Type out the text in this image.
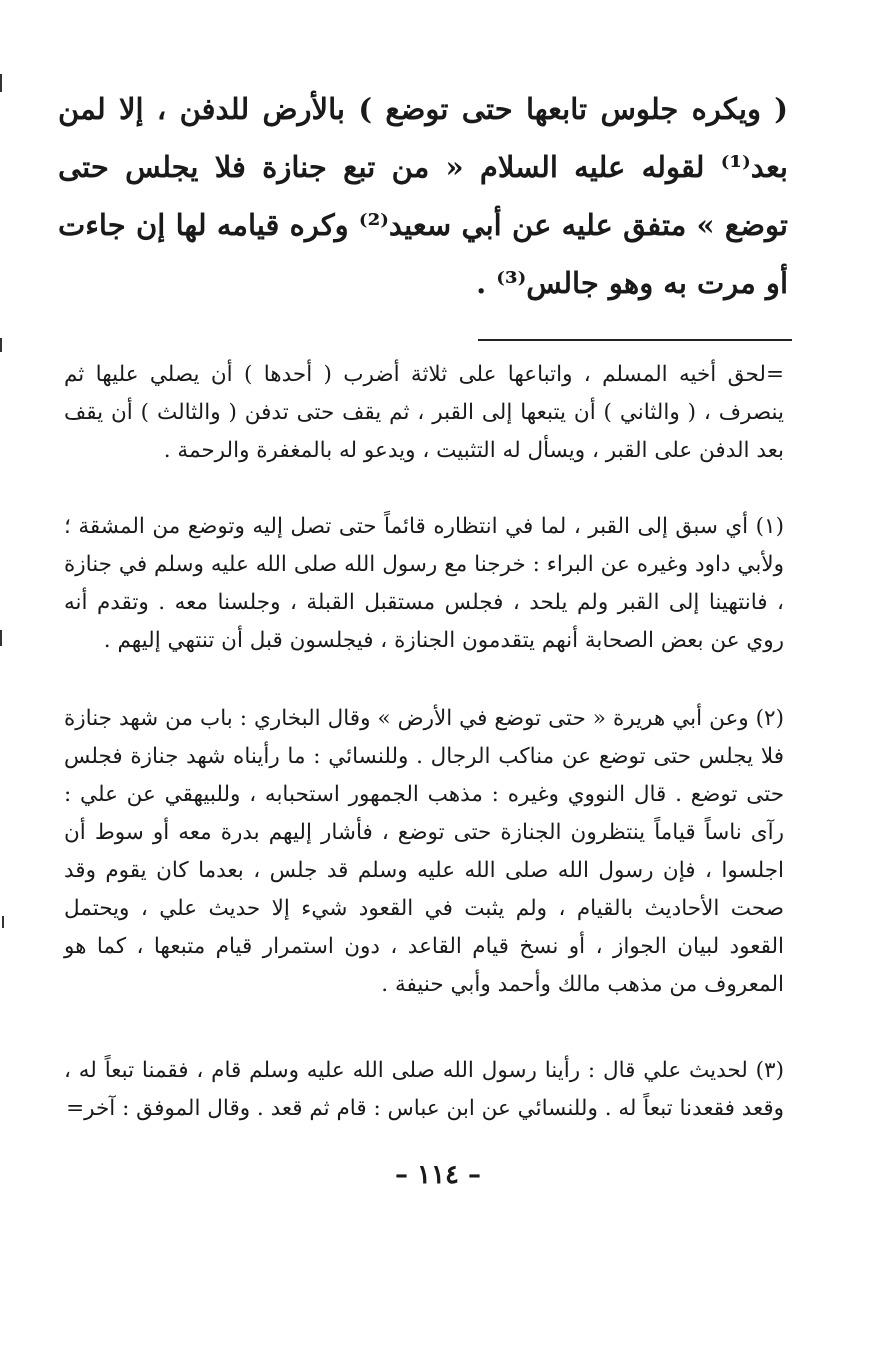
( ويكره جلوس تابعها حتى توضع ) بالأرض للدفن ، إلا لمن بعد⁽¹⁾ لقوله عليه السلام « من تبع جنازة فلا يجلس حتى توضع » متفق عليه عن أبي سعيد⁽²⁾ وكره قيامه لها إن جاءت أو مرت به وهو جالس⁽³⁾ .

=لحق أخيه المسلم ، واتباعها على ثلاثة أضرب ( أحدها ) أن يصلي عليها ثم ينصرف ، ( والثاني ) أن يتبعها إلى القبر ، ثم يقف حتى تدفن ( والثالث ) أن يقف بعد الدفن على القبر ، ويسأل له التثبيت ، ويدعو له بالمغفرة والرحمة .

(١) أي سبق إلى القبر ، لما في انتظاره قائماً حتى تصل إليه وتوضع من المشقة ؛ ولأبي داود وغيره عن البراء : خرجنا مع رسول الله صلى الله عليه وسلم في جنازة ، فانتهينا إلى القبر ولم يلحد ، فجلس مستقبل القبلة ، وجلسنا معه . وتقدم أنه روي عن بعض الصحابة أنهم يتقدمون الجنازة ، فيجلسون قبل أن تنتهي إليهم .

(٢) وعن أبي هريرة « حتى توضع في الأرض » وقال البخاري : باب من شهد جنازة فلا يجلس حتى توضع عن مناكب الرجال . وللنسائي : ما رأيناه شهد جنازة فجلس حتى توضع . قال النووي وغيره : مذهب الجمهور استحبابه ، وللبيهقي عن علي : رآى ناساً قياماً ينتظرون الجنازة حتى توضع ، فأشار إليهم بدرة معه أو سوط أن اجلسوا ، فإن رسول الله صلى الله عليه وسلم قد جلس ، بعدما كان يقوم وقد صحت الأحاديث بالقيام ، ولم يثبت في القعود شيء إلا حديث علي ، ويحتمل القعود لبيان الجواز ، أو نسخ قيام القاعد ، دون استمرار قيام متبعها ، كما هو المعروف من مذهب مالك وأحمد وأبي حنيفة .

(٣) لحديث علي قال : رأينا رسول الله صلى الله عليه وسلم قام ، فقمنا تبعاً له ، وقعد فقعدنا تبعاً له . وللنسائي عن ابن عباس : قام ثم قعد . وقال الموفق : آخر=

– ١١٤ –
